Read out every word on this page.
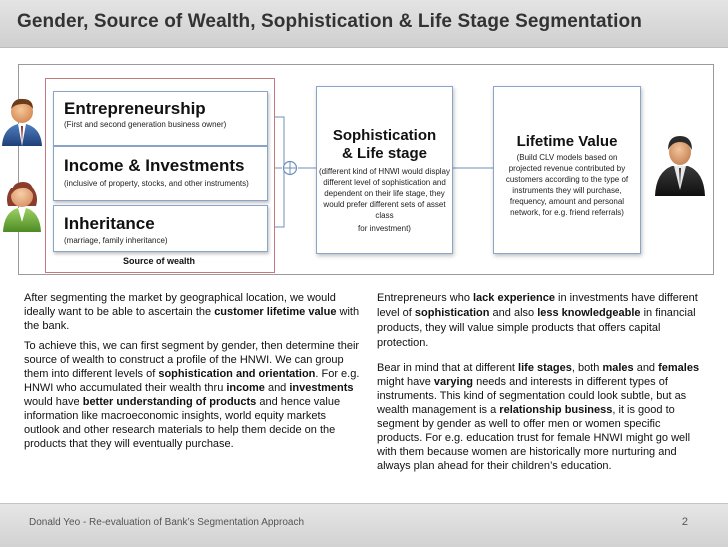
Gender, Source of Wealth, Sophistication & Life Stage Segmentation
Entrepreneurship
(First and second generation business owner)
Income & Investments
(inclusive of property, stocks, and other instruments)
Inheritance
(marriage, family inheritance)
Source of wealth
Sophistication
& Life stage
(different kind of HNWI would display
different level of sophistication and
dependent on their life stage, they
would prefer different sets of asset class
for investment)
Lifetime Value
(Build CLV models based on
projected revenue contributed by
customers according to the type of
instruments they will purchase,
frequency, amount and personal
network, for e.g. friend referrals)

After segmenting the market by geographical location, we would ideally want to be able to ascertain the customer lifetime value with the bank.

To achieve this, we can first segment by gender, then determine their source of wealth to construct a profile of the HNWI. We can group them into different levels of sophistication and orientation. For e.g. HNWI who accumulated their wealth thru income and investments would have better understanding of products and hence value information like macroeconomic insights, world equity markets outlook and other research materials to help them decide on the products that they will eventually purchase.

Entrepreneurs who lack experience in investments have different level of sophistication and also less knowledgeable in financial products, they will value simple products that offers capital protection.

Bear in mind that at different life stages, both males and females might have varying needs and interests in different types of instruments. This kind of segmentation could look subtle, but as wealth management is a relationship business, it is good to segment by gender as well to offer men or women specific products. For e.g. education trust for female HNWI might go well with them because women are historically more nurturing and always plan ahead for their children’s education.

Donald Yeo - Re-evaluation of Bank’s Segmentation Approach	2
